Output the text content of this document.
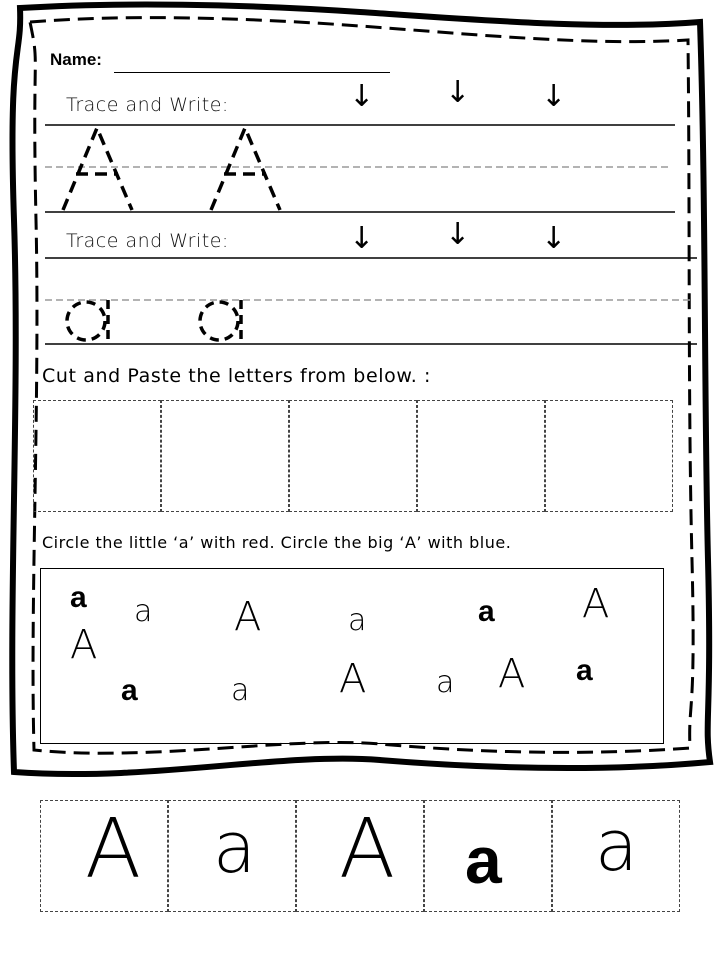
Name:
Trace and Write:	↓ ↓ ↓
Trace and Write:	↓ ↓ ↓
Cut and Paste the letters from below. :
Circle the little ‘a’ with red. Circle the big ‘A’ with blue.
a a A	a	a A
A
a	a A a A a
A a A a a
